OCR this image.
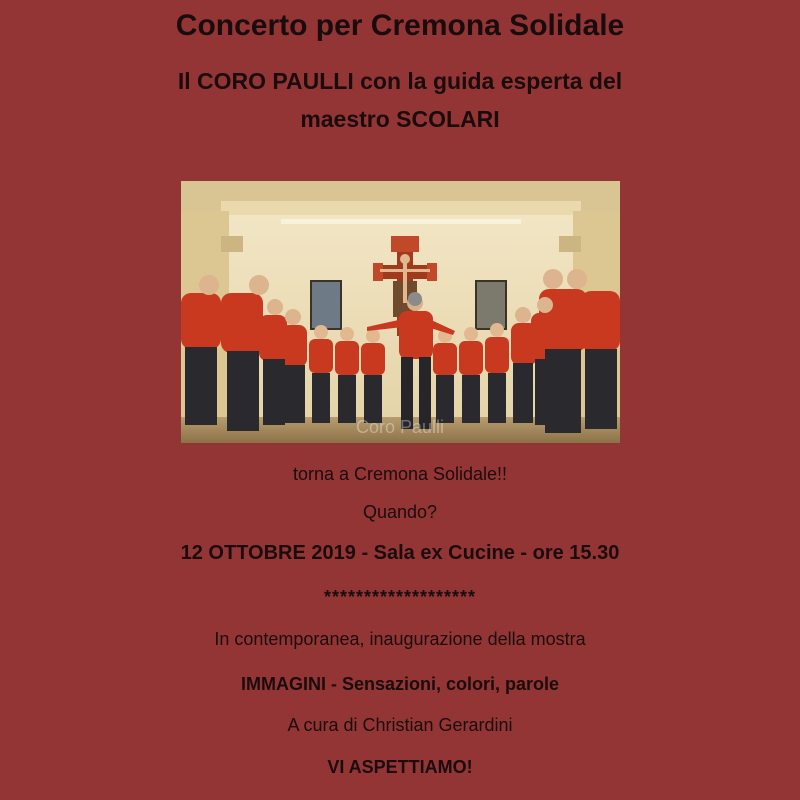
Concerto per Cremona Solidale
Il CORO PAULLI con la guida esperta del
maestro SCOLARI
Coro Paulli
torna a Cremona Solidale!!
Quando?
12 OTTOBRE 2019 - Sala ex Cucine - ore 15.30
*******************
In contemporanea, inaugurazione della mostra
IMMAGINI - Sensazioni, colori, parole
A cura di Christian Gerardini
VI ASPETTIAMO!
